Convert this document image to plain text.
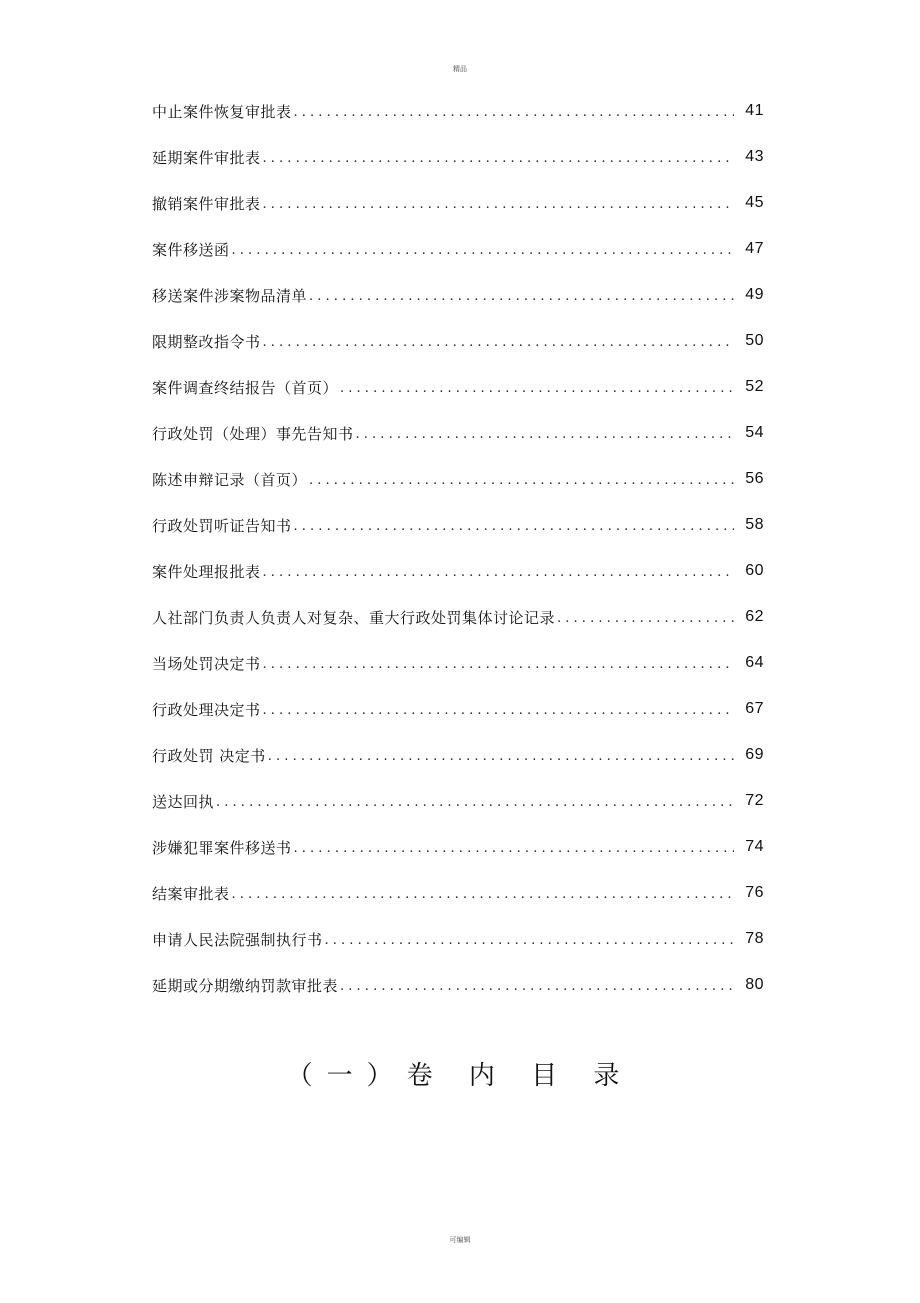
精品
中止案件恢复审批表 . . .	41
延期案件审批表 . . .	43
撤销案件审批表 . . .	45
案件移送函 . . .	47
移送案件涉案物品清单 . . .	49
限期整改指令书 . . .	50
案件调查终结报告（首页） . . .	52
行政处罚（处理）事先告知书 . . .	54
陈述申辩记录（首页） . . .	56
行政处罚听证告知书 . . .	58
案件处理报批表 . . .	60
人社部门负责人负责人对复杂、重大行政处罚集体讨论记录 . . .	62
当场处罚决定书 . . .	64
行政处理决定书 . . .	67
行政处罚 决定书 . . .	69
送达回执 . . .	72
涉嫌犯罪案件移送书 . . .	74
结案审批表 . . .	76
申请人民法院强制执行书 . . .	78
延期或分期缴纳罚款审批表 . . .	80
（一）卷 内 目 录
可编辑
